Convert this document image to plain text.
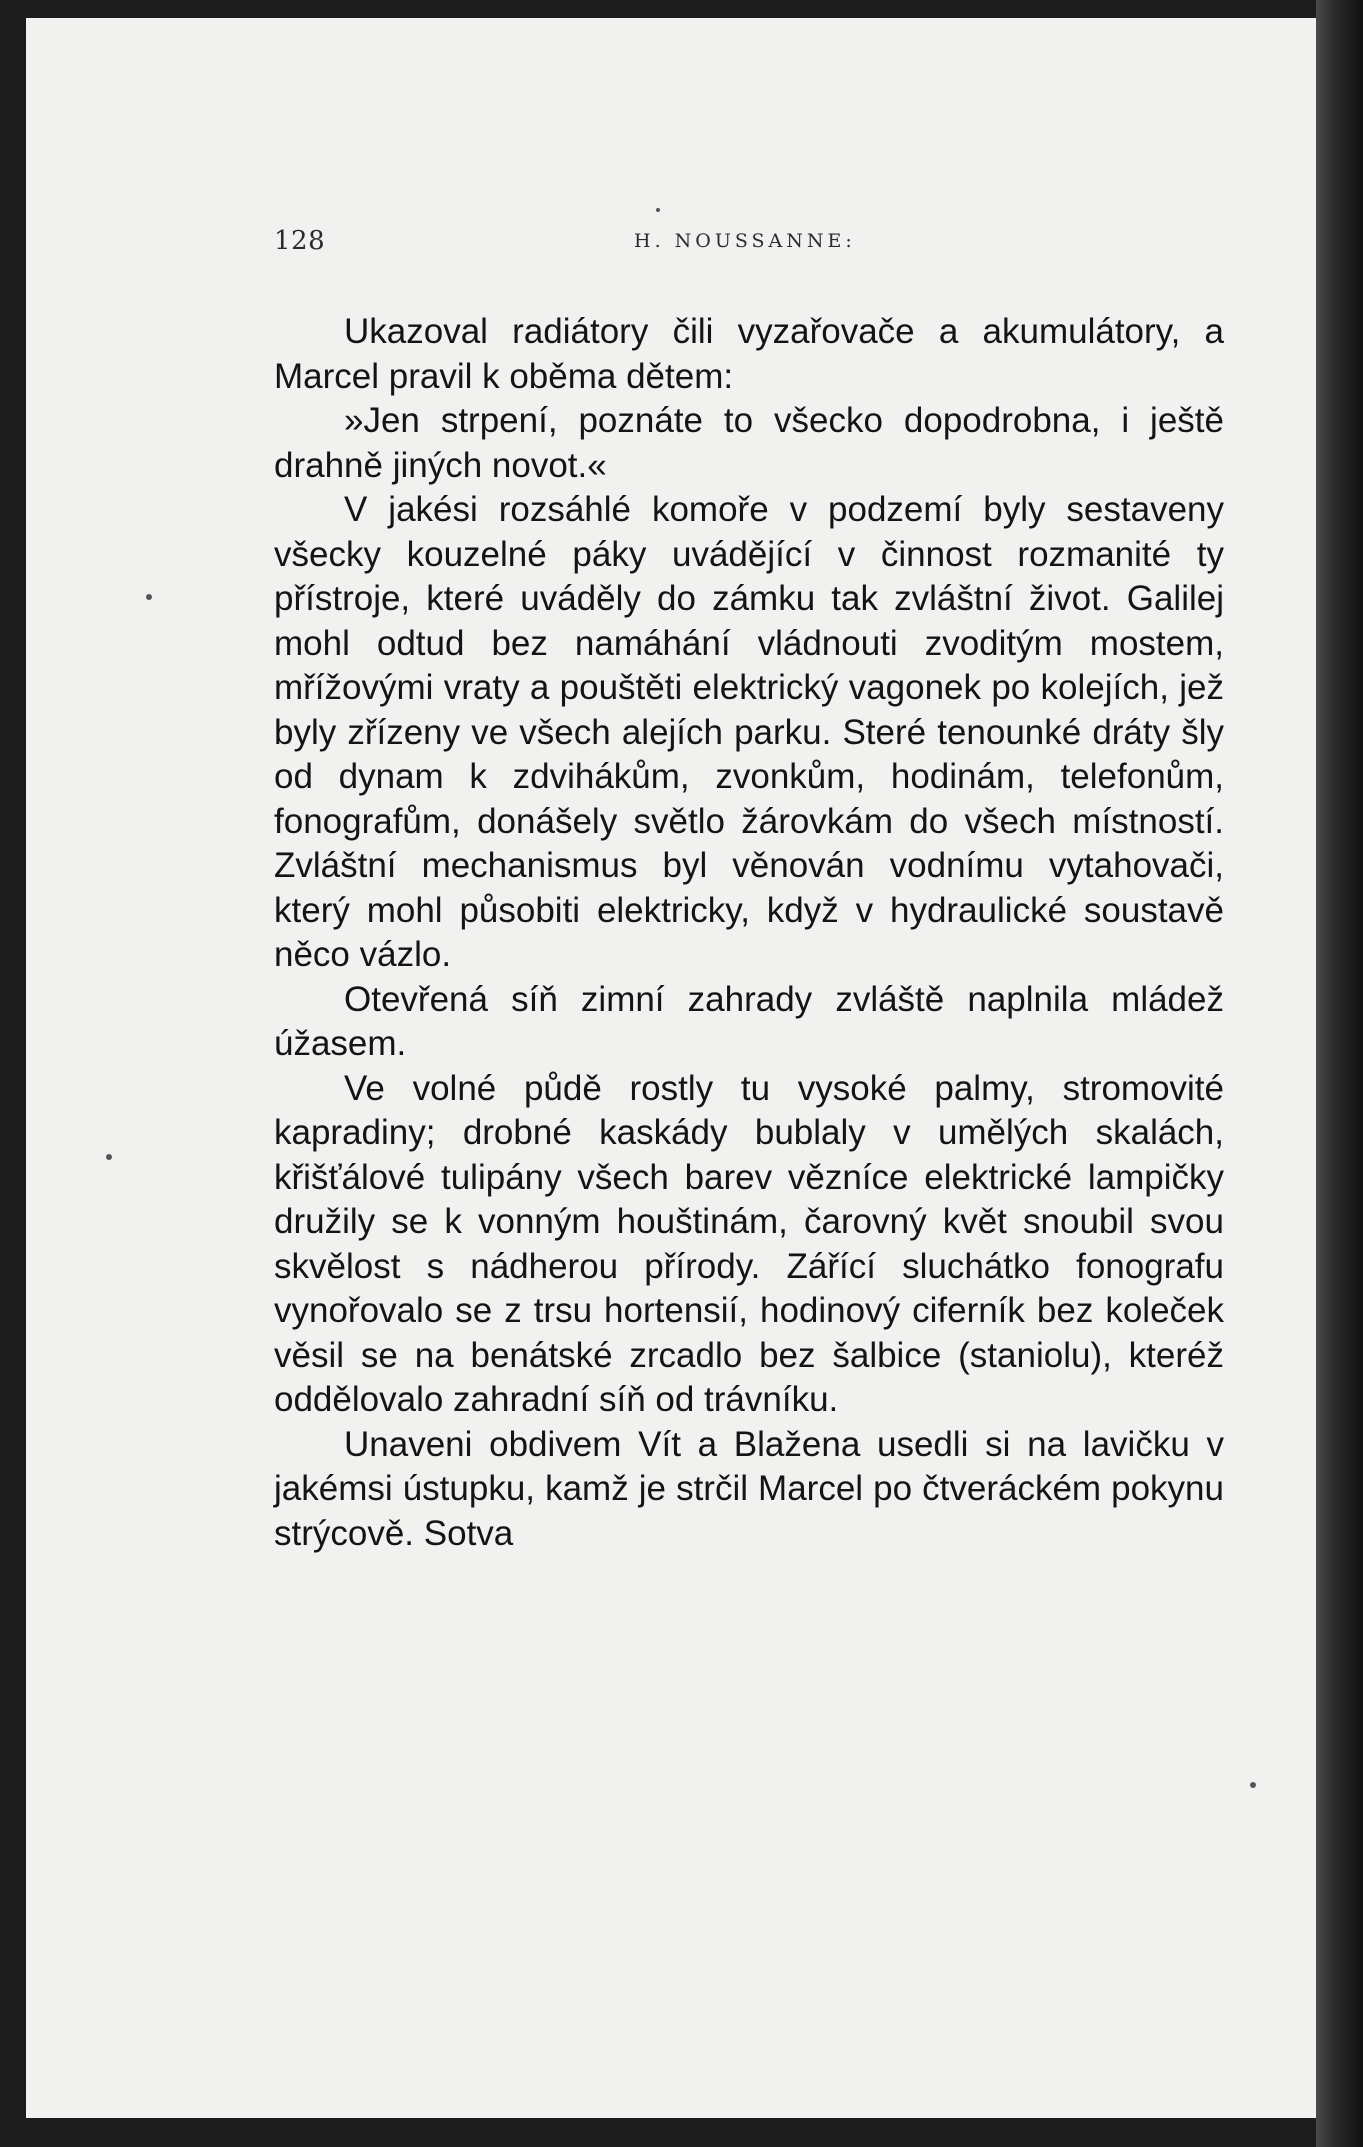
128	H. NOUSSANNE:

Ukazoval radiátory čili vyzařovače a akumulátory, a Marcel pravil k oběma dětem:

»Jen strpení, poznáte to všecko dopodrobna, i ještě drahně jiných novot.«

V jakési rozsáhlé komoře v podzemí byly sestaveny všecky kouzelné páky uvádějící v činnost rozmanité ty přístroje, které uváděly do zámku tak zvláštní život. Galilej mohl odtud bez namáhání vládnouti zvoditým mostem, mřížovými vraty a pouštěti elektrický vagonek po kolejích, jež byly zřízeny ve všech alejích parku. Steré tenounké dráty šly od dynam k zdvihákům, zvonkům, hodinám, telefonům, fonografům, donášely světlo žárovkám do všech místností. Zvláštní mechanismus byl věnován vodnímu vytahovači, který mohl působiti elektricky, když v hydraulické soustavě něco vázlo.

Otevřená síň zimní zahrady zvláště naplnila mládež úžasem.

Ve volné půdě rostly tu vysoké palmy, stromovité kapradiny; drobné kaskády bublaly v umělých skalách, křišťálové tulipány všech barev vězníce elektrické lampičky družily se k vonným houštinám, čarovný květ snoubil svou skvělost s nádherou přírody. Zářící sluchátko fonografu vynořovalo se z trsu hortensií, hodinový ciferník bez koleček věsil se na benátské zrcadlo bez šalbice (staniolu), kteréž oddělovalo zahradní síň od trávníku.

Unaveni obdivem Vít a Blažena usedli si na lavičku v jakémsi ústupku, kamž je strčil Marcel po čtveráckém pokynu strýcově. Sotva
